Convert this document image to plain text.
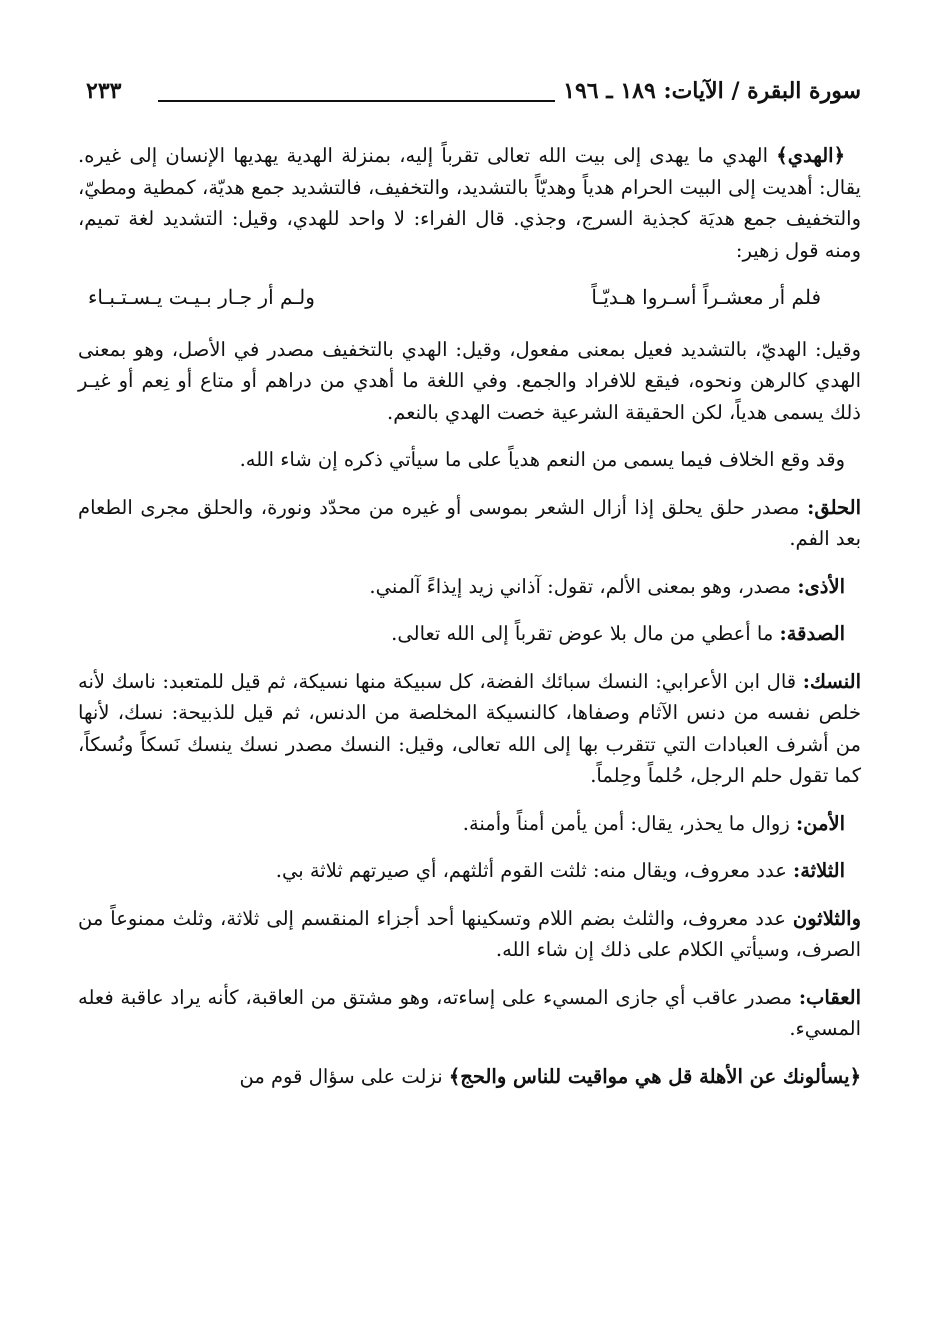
سورة البقرة / الآيات: ١٨٩ ـ ١٩٦
٢٣٣

﴿الهدي﴾ الهدي ما يهدى إلى بيت الله تعالى تقرباً إليه، بمنزلة الهدية يهديها الإنسان إلى غيره. يقال: أهديت إلى البيت الحرام هدياً وهديّاً بالتشديد، والتخفيف، فالتشديد جمع هديّة، كمطية ومطيّ، والتخفيف جمع هديَة كجذية السرج، وجذي. قال الفراء: لا واحد للهدي، وقيل: التشديد لغة تميم، ومنه قول زهير:

فلم أر معشـراً أسـروا هـديّـاً
ولـم أر جـار بـيـت يـسـتـبـاء

وقيل: الهديّ، بالتشديد فعيل بمعنى مفعول، وقيل: الهدي بالتخفيف مصدر في الأصل، وهو بمعنى الهدي كالرهن ونحوه، فيقع للافراد والجمع. وفي اللغة ما أهدي من دراهم أو متاع أو نِعم أو غيـر ذلك يسمى هدياً، لكن الحقيقة الشرعية خصت الهدي بالنعم.

وقد وقع الخلاف فيما يسمى من النعم هدياً على ما سيأتي ذكره إن شاء الله.

الحلق: مصدر حلق يحلق إذا أزال الشعر بموسى أو غيره من محدّد ونورة، والحلق مجرى الطعام بعد الفم.

الأذى: مصدر، وهو بمعنى الألم، تقول: آذاني زيد إيذاءً آلمني.

الصدقة: ما أعطي من مال بلا عوض تقرباً إلى الله تعالى.

النسك: قال ابن الأعرابي: النسك سبائك الفضة، كل سبيكة منها نسيكة، ثم قيل للمتعبد: ناسك لأنه خلص نفسه من دنس الآثام وصفاها، كالنسيكة المخلصة من الدنس، ثم قيل للذبيحة: نسك، لأنها من أشرف العبادات التي تتقرب بها إلى الله تعالى، وقيل: النسك مصدر نسك ينسك نَسكاً ونُسكاً، كما تقول حلم الرجل، حُلماً وحِلماً.

الأمن: زوال ما يحذر، يقال: أمن يأمن أمناً وأمنة.

الثلاثة: عدد معروف، ويقال منه: ثلثت القوم أثلثهم، أي صيرتهم ثلاثة بي.

والثلاثون عدد معروف، والثلث بضم اللام وتسكينها أحد أجزاء المنقسم إلى ثلاثة، وثلث ممنوعاً من الصرف، وسيأتي الكلام على ذلك إن شاء الله.

العقاب: مصدر عاقب أي جازى المسيء على إساءته، وهو مشتق من العاقبة، كأنه يراد عاقبة فعله المسيء.

﴿يسألونك عن الأهلة قل هي مواقيت للناس والحج﴾ نزلت على سؤال قوم من
